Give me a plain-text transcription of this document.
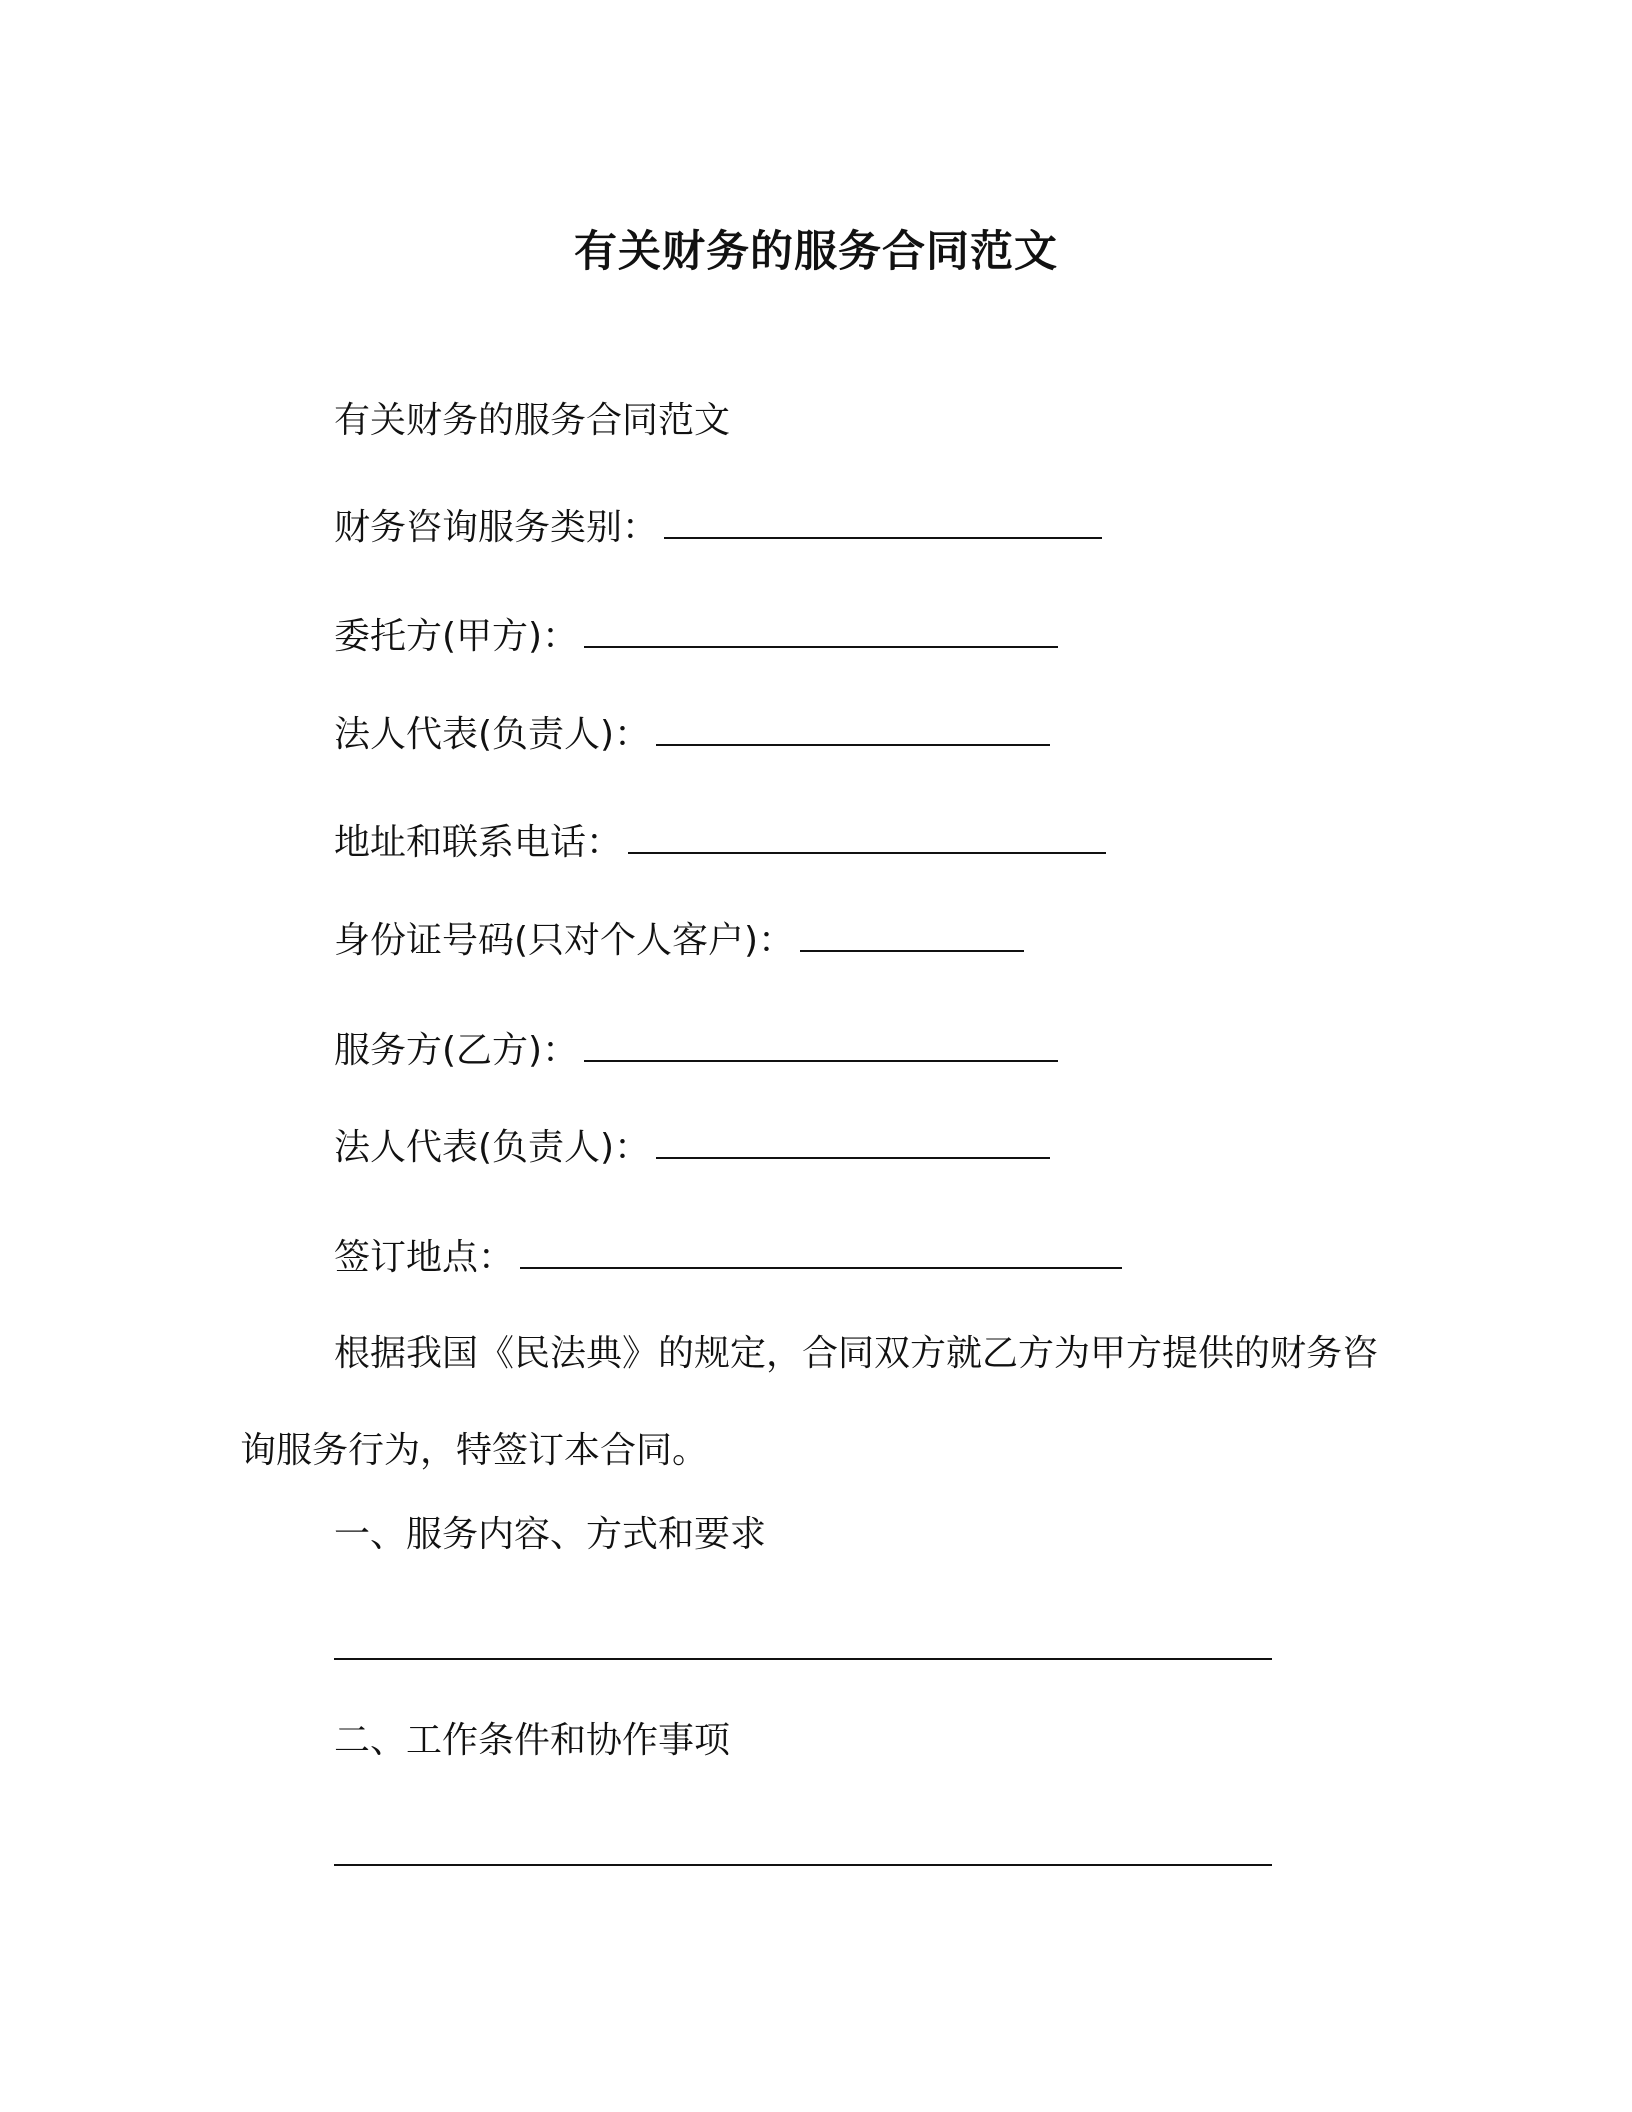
有关财务的服务合同范文

有关财务的服务合同范文

财务咨询服务类别：

委托方(甲方)：

法人代表(负责人)：

地址和联系电话：

身份证号码(只对个人客户)：

服务方(乙方)：

法人代表(负责人)：

签订地点：

根据我国《民法典》的规定，合同双方就乙方为甲方提供的财务咨询服务行为，特签订本合同。

一、服务内容、方式和要求

二、工作条件和协作事项
